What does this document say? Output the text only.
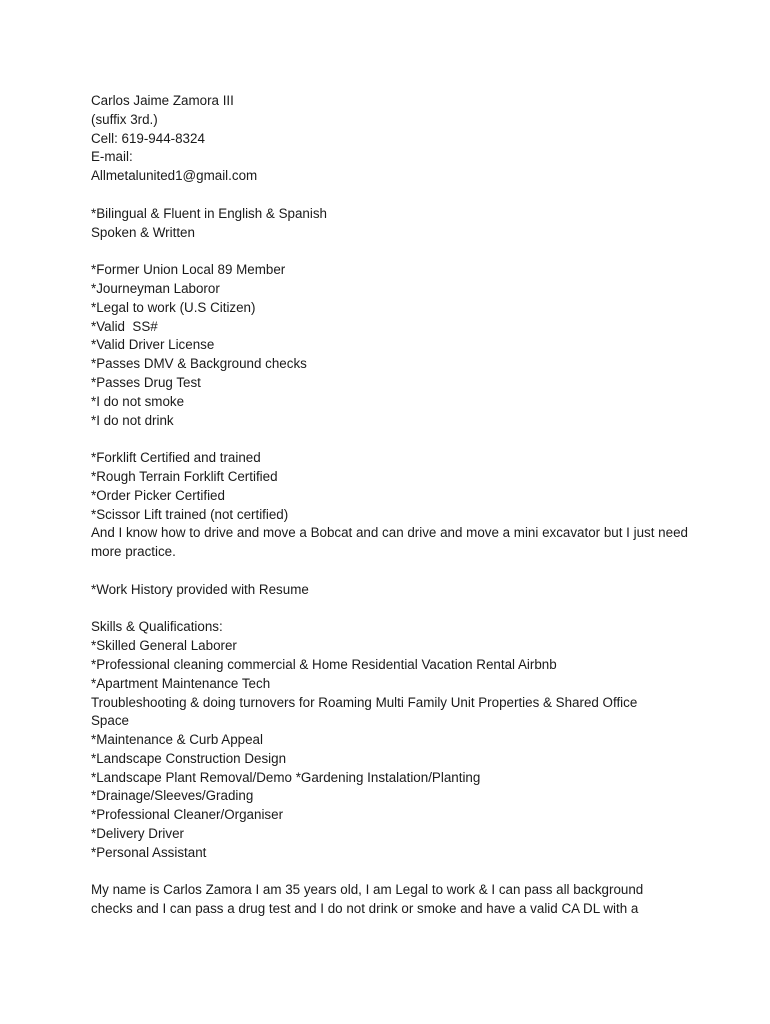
Carlos Jaime Zamora III
(suffix 3rd.)
Cell: 619-944-8324
E-mail:
Allmetalunited1@gmail.com
*Bilingual & Fluent in English & Spanish
Spoken & Written
*Former Union Local 89 Member
*Journeyman Laboror
*Legal to work (U.S Citizen)
*Valid  SS#
*Valid Driver License
*Passes DMV & Background checks
*Passes Drug Test
*I do not smoke
*I do not drink
*Forklift Certified and trained
*Rough Terrain Forklift Certified
*Order Picker Certified
*Scissor Lift trained (not certified)
And I know how to drive and move a Bobcat and can drive and move a mini excavator but I just need more practice.
*Work History provided with Resume
Skills & Qualifications:
*Skilled General Laborer
*Professional cleaning commercial & Home Residential Vacation Rental Airbnb
*Apartment Maintenance Tech
Troubleshooting & doing turnovers for Roaming Multi Family Unit Properties & Shared Office Space
*Maintenance & Curb Appeal
*Landscape Construction Design
*Landscape Plant Removal/Demo *Gardening Instalation/Planting
*Drainage/Sleeves/Grading
*Professional Cleaner/Organiser
*Delivery Driver
*Personal Assistant
My name is Carlos Zamora I am 35 years old, I am Legal to work & I can pass all background checks and I can pass a drug test and I do not drink or smoke and have a valid CA DL with a
